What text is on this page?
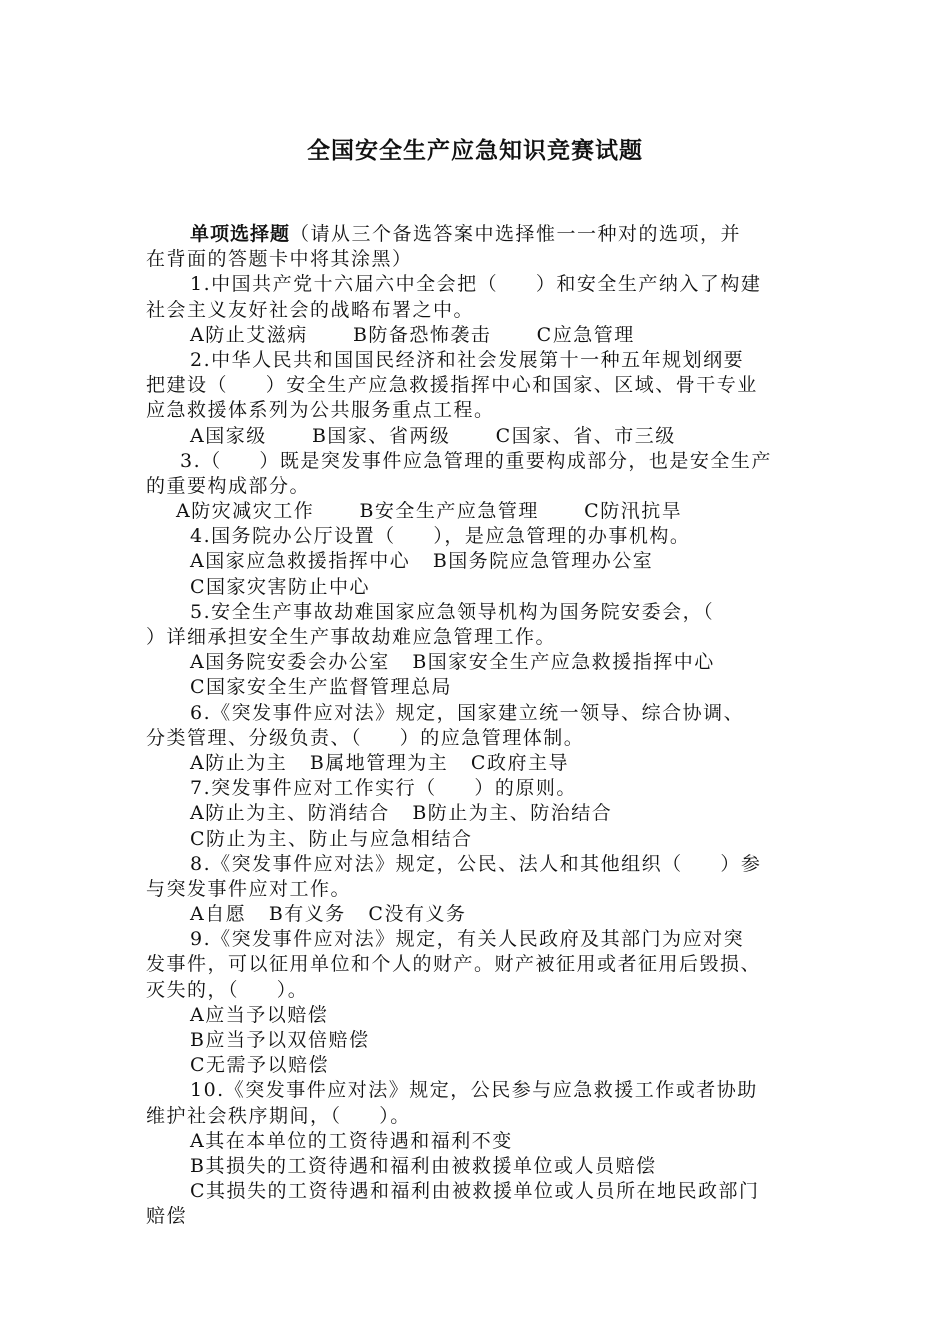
全国安全生产应急知识竞赛试题
单项选择题（请从三个备选答案中选择惟一一种对的选项，并
在背面的答题卡中将其涂黑）
1.中国共产党十六届六中全会把（     ）和安全生产纳入了构建
社会主义友好社会的战略布署之中。
A防止艾滋病      B防备恐怖袭击      C应急管理
2.中华人民共和国国民经济和社会发展第十一种五年规划纲要
把建设（     ）安全生产应急救援指挥中心和国家、区域、骨干专业
应急救援体系列为公共服务重点工程。
A国家级      B国家、省两级      C国家、省、市三级
3.（     ）既是突发事件应急管理的重要构成部分，也是安全生产
的重要构成部分。
A防灾减灾工作      B安全生产应急管理      C防汛抗旱
4.国务院办公厅设置（     ），是应急管理的办事机构。
A国家应急救援指挥中心   B国务院应急管理办公室
C国家灾害防止中心
5.安全生产事故劫难国家应急领导机构为国务院安委会，（
）详细承担安全生产事故劫难应急管理工作。
A国务院安委会办公室   B国家安全生产应急救援指挥中心
C国家安全生产监督管理总局
6.《突发事件应对法》规定，国家建立统一领导、综合协调、
分类管理、分级负责、（     ）的应急管理体制。
A防止为主   B属地管理为主   C政府主导
7.突发事件应对工作实行（     ）的原则。
A防止为主、防消结合   B防止为主、防治结合
C防止为主、防止与应急相结合
8.《突发事件应对法》规定，公民、法人和其他组织（     ）参
与突发事件应对工作。
A自愿   B有义务   C没有义务
9.《突发事件应对法》规定，有关人民政府及其部门为应对突
发事件，可以征用单位和个人的财产。财产被征用或者征用后毁损、
灭失的，（     ）。
A应当予以赔偿
B应当予以双倍赔偿
C无需予以赔偿
10.《突发事件应对法》规定，公民参与应急救援工作或者协助
维护社会秩序期间，（     ）。
A其在本单位的工资待遇和福利不变
B其损失的工资待遇和福利由被救援单位或人员赔偿
C其损失的工资待遇和福利由被救援单位或人员所在地民政部门
赔偿
